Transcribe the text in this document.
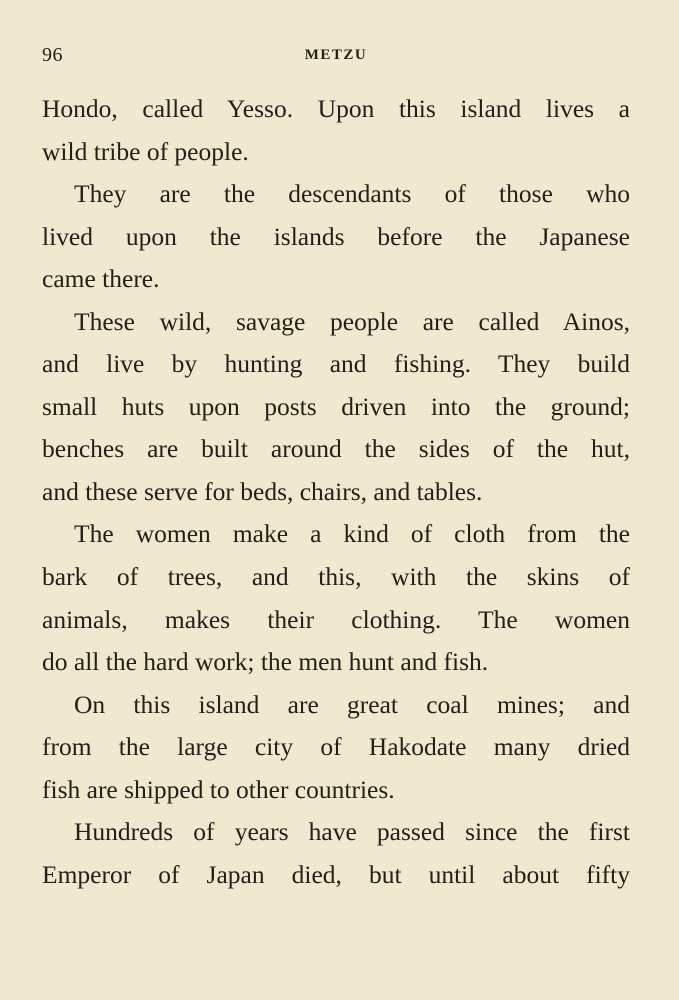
96	METZU
Hondo, called Yesso. Upon this island lives a
wild tribe of people.
They are the descendants of those who
lived upon the islands before the Japanese
came there.
These wild, savage people are called Ainos,
and live by hunting and fishing. They build
small huts upon posts driven into the ground;
benches are built around the sides of the hut,
and these serve for beds, chairs, and tables.
The women make a kind of cloth from the
bark of trees, and this, with the skins of
animals, makes their clothing. The women
do all the hard work; the men hunt and fish.
On this island are great coal mines; and
from the large city of Hakodate many dried
fish are shipped to other countries.
Hundreds of years have passed since the first
Emperor of Japan died, but until about fifty
